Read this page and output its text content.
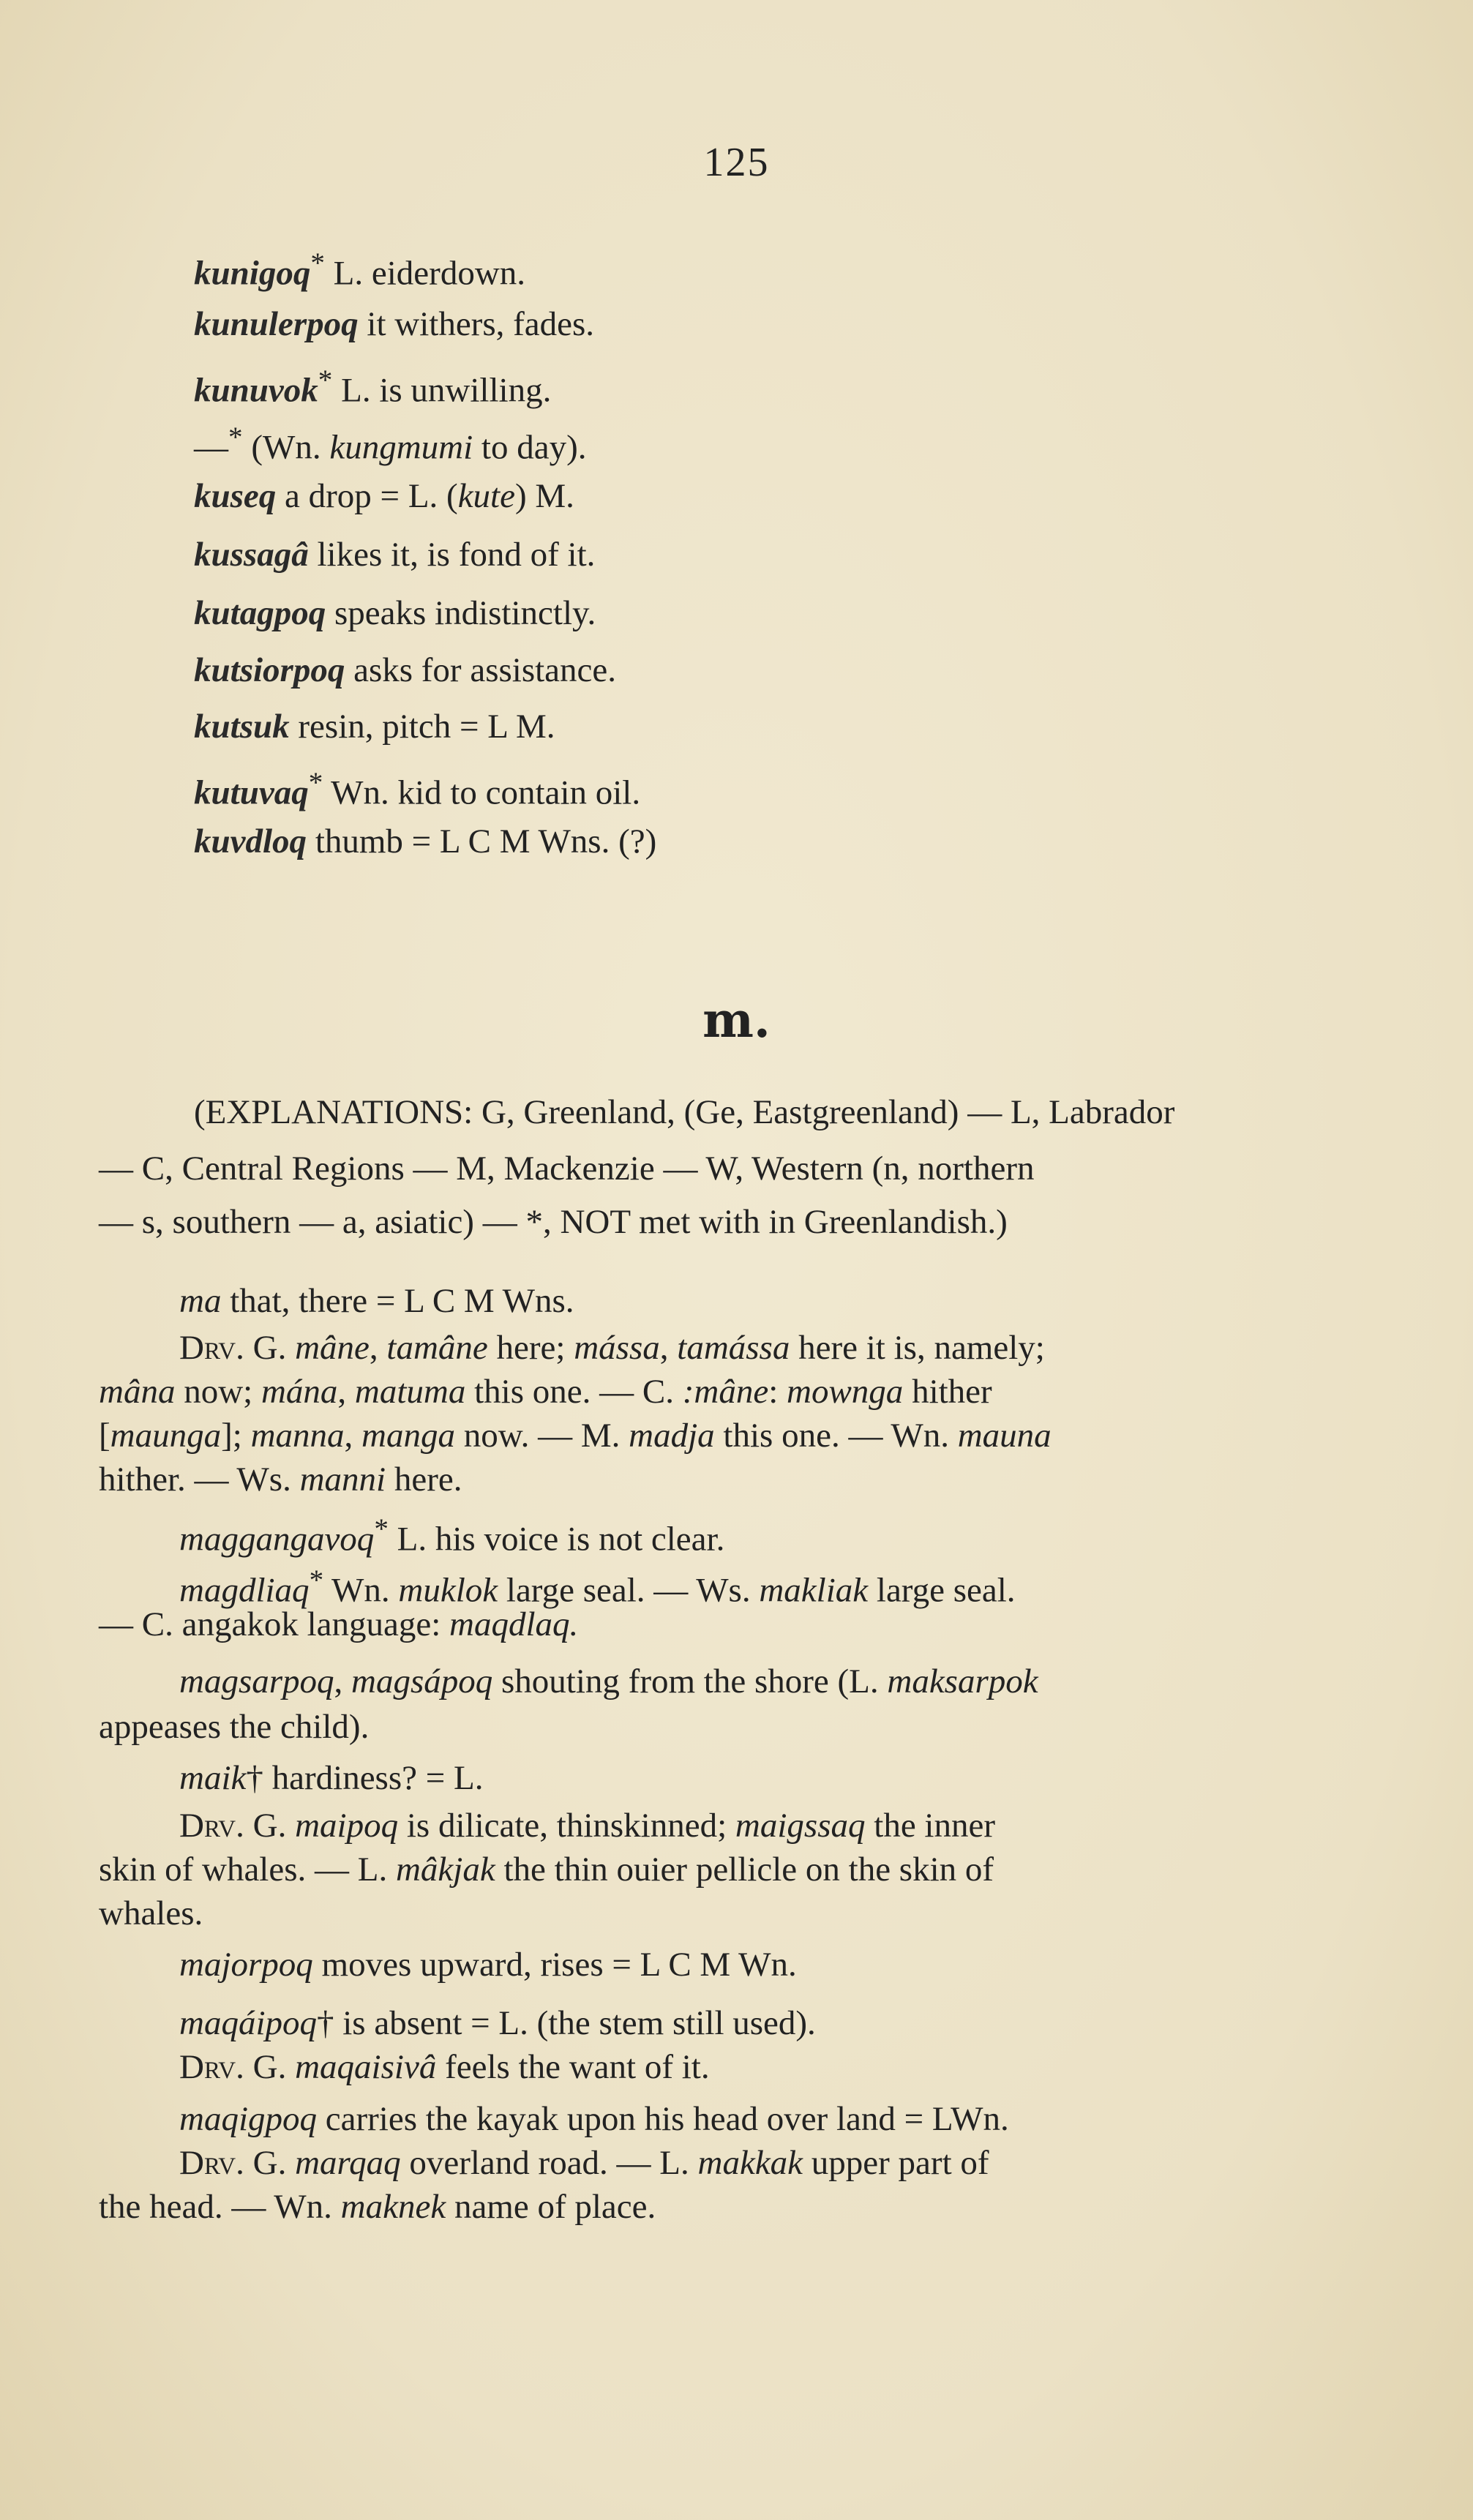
125
kunigoq* L. eiderdown.
kunulerpoq it withers, fades.
kunuvok* L. is unwilling.
—* (Wn. kungmumi to day).
kuseq a drop = L. (kute) M.
kussagâ likes it, is fond of it.
kutagpoq speaks indistinctly.
kutsiorpoq asks for assistance.
kutsuk resin, pitch = L M.
kutuvaq* Wn. kid to contain oil.
kuvdloq thumb = L C M Wns. (?)
m.
(EXPLANATIONS: G, Greenland, (Ge, Eastgreenland) — L, Labrador
— C, Central Regions — M, Mackenzie — W, Western (n, northern
— s, southern — a, asiatic) — *, NOT met with in Greenlandish.)
ma that, there = L C M Wns.
Drv. G. mâne, tamâne here; mássa, tamássa here it is, namely;
mâna now; mána, matuma this one. — C. :mâne: mownga hither
[maunga]; manna, manga now. — M. madja this one. — Wn. mauna
hither. — Ws. manni here.
maggangavoq* L. his voice is not clear.
magdliaq* Wn. muklok large seal. — Ws. makliak large seal.
— C. angakok language: maqdlaq.
magsarpoq, magsápoq shouting from the shore (L. maksarpok
appeases the child).
maik† hardiness? = L.
Drv. G. maipoq is dilicate, thinskinned; maigssaq the inner
skin of whales. — L. mâkjak the thin ouier pellicle on the skin of
whales.
majorpoq moves upward, rises = L C M Wn.
maqáipoq† is absent = L. (the stem still used).
Drv. G. maqaisivâ feels the want of it.
maqigpoq carries the kayak upon his head over land = LWn.
Drv. G. marqaq overland road. — L. makkak upper part of
the head. — Wn. maknek name of place.
